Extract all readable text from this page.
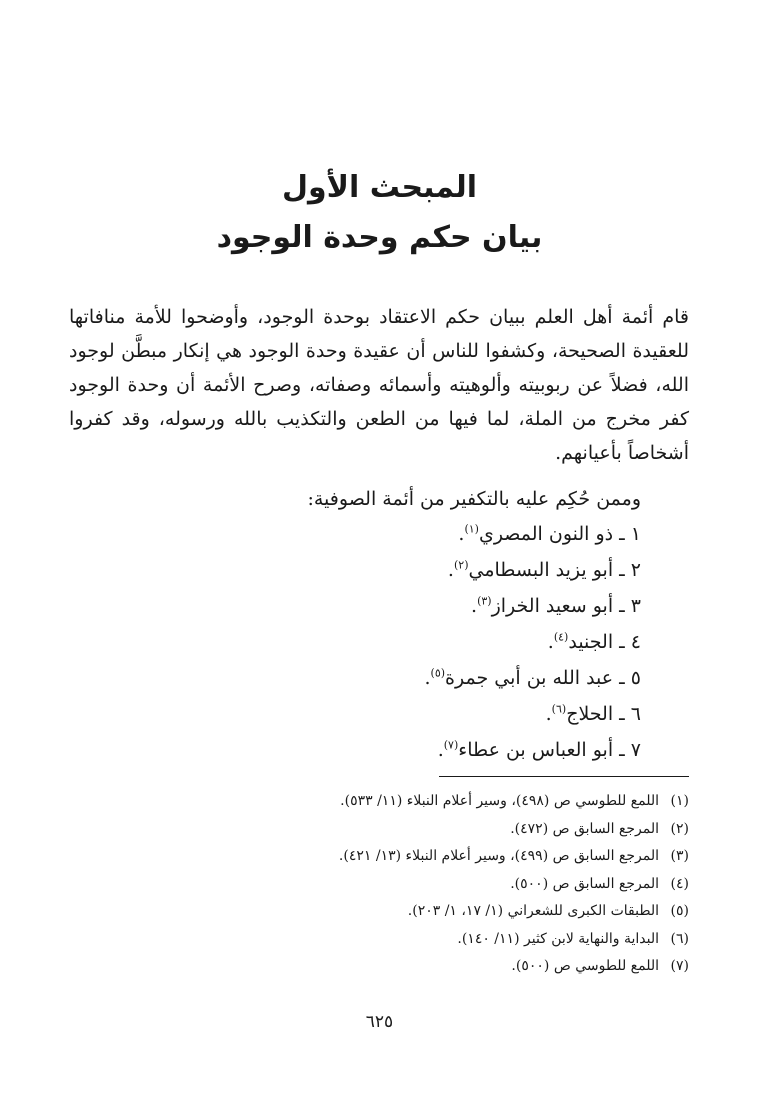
المبحث الأول
بيان حكم وحدة الوجود

قام أئمة أهل العلم ببيان حكم الاعتقاد بوحدة الوجود، وأوضحوا للأمة منافاتها للعقيدة الصحيحة، وكشفوا للناس أن عقيدة وحدة الوجود هي إنكار مبطَّن لوجود الله، فضلاً عن ربوبيته وألوهيته وأسمائه وصفاته، وصرح الأئمة أن وحدة الوجود كفر مخرج من الملة، لما فيها من الطعن والتكذيب بالله ورسوله، وقد كفروا أشخاصاً بأعيانهم.

وممن حُكِم عليه بالتكفير من أئمة الصوفية:

١ ـ ذو النون المصري$^{(١)}$.
٢ ـ أبو يزيد البسطامي$^{(٢)}$.
٣ ـ أبو سعيد الخراز$^{(٣)}$.
٤ ـ الجنيد$^{(٤)}$.
٥ ـ عبد الله بن أبي جمرة$^{(٥)}$.
٦ ـ الحلاج$^{(٦)}$.
٧ ـ أبو العباس بن عطاء$^{(٧)}$.
(١)اللمع للطوسي ص (٤٩٨)، وسير أعلام النبلاء (١١/ ٥٣٣).
(٢)المرجع السابق ص (٤٧٢).
(٣)المرجع السابق ص (٤٩٩)، وسير أعلام النبلاء (١٣/ ٤٢١).
(٤)المرجع السابق ص (٥٠٠).
(٥)الطبقات الكبرى للشعراني (١/ ١٧، ١/ ٢٠٣).
(٦)البداية والنهاية لابن كثير (١١/ ١٤٠).
(٧)اللمع للطوسي ص (٥٠٠).

٦٢٥
